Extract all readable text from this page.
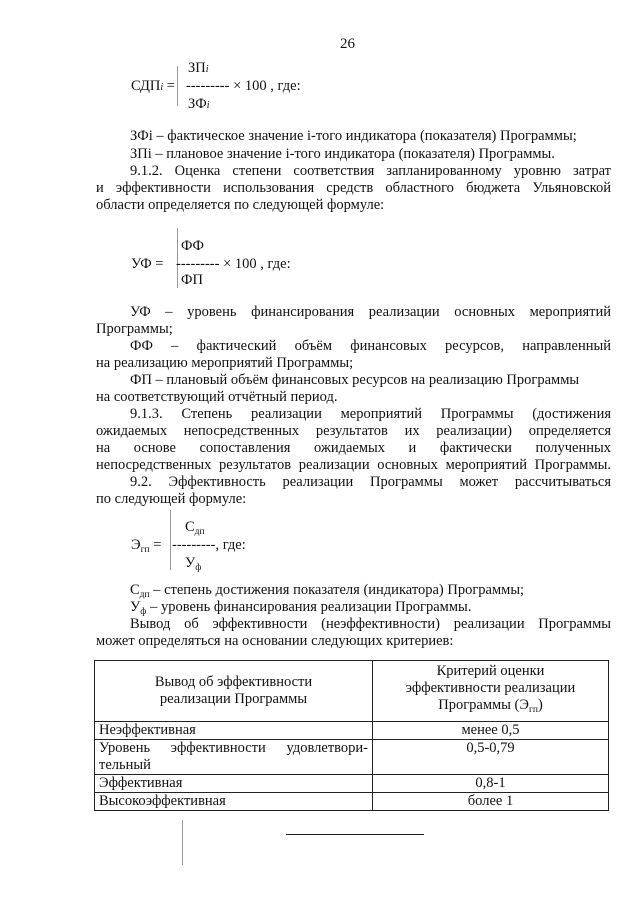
26
ЗПi
СДПi = --------- × 100 , где:
ЗФi
ЗФi – фактическое значение i-того индикатора (показателя) Программы;
ЗПi – плановое значение i-того индикатора (показателя) Программы.
9.1.2. Оценка степени соответствия запланированному уровню затрат
и эффективности использования средств областного бюджета Ульяновской
области определяется по следующей формуле:
ФФ
УФ = --------- × 100 , где:
ФП
УФ – уровень финансирования реализации основных мероприятий
Программы;
ФФ – фактический объём финансовых ресурсов, направленный
на реализацию мероприятий Программы;
ФП – плановый объём финансовых ресурсов на реализацию Программы
на соответствующий отчётный период.
9.1.3. Степень реализации мероприятий Программы (достижения
ожидаемых непосредственных результатов их реализации) определяется
на основе сопоставления ожидаемых и фактически полученных
непосредственных результатов реализации основных мероприятий Программы.
9.2. Эффективность реализации Программы может рассчитываться
по следующей формуле:
$С_{дп}$
$Э_{гп}$ = ---------, где:
$У_ф$
$С_{дп}$ – степень достижения показателя (индикатора) Программы;
$У_ф$ – уровень финансирования реализации Программы.
Вывод об эффективности (неэффективности) реализации Программы
может определяться на основании следующих критериев:
Вывод об эффективности
реализации Программы	Критерий оценки
эффективности реализации
Программы $(Э_{гп})$
Неэффективная	менее 0,5

Уровень эффективности удовлетвори-
тельный	0,5-0,79
Эффективная	0,8-1
Высокоэффективная	более 1
